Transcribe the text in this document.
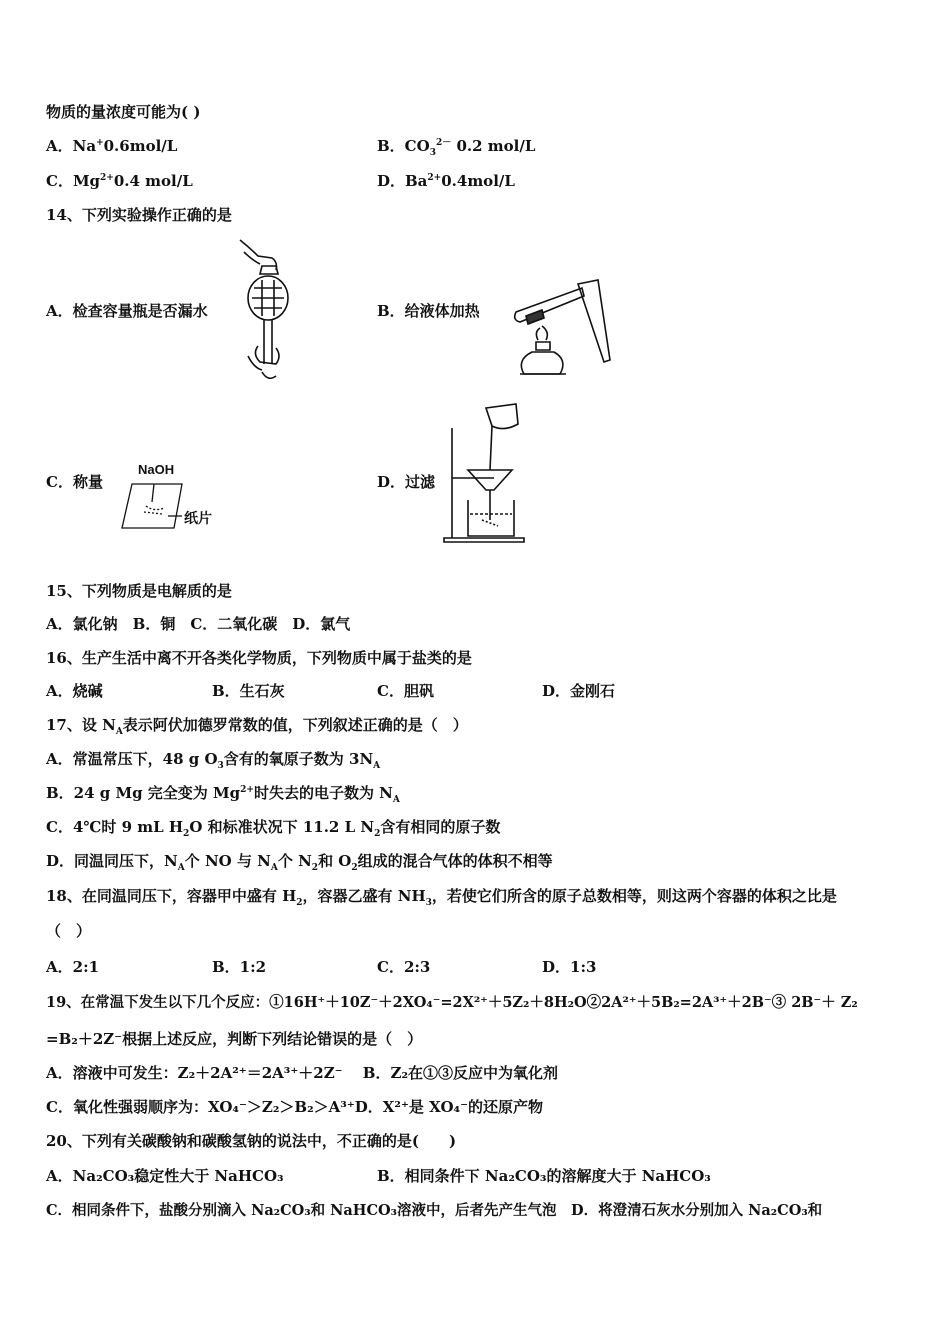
物质的量浓度可能为( )
A．Na+0.6mol/L	B．$CO_3^{2-}$ 0.2 mol/L
C．$Mg^{2+}0.4$ mol/L	D．$Ba^{2+}0.4mol/L$
14、下列实验操作正确的是
A．检查容量瓶是否漏水	B．给液体加热
C．称量	D．过滤
NaOH
纸片
15、下列物质是电解质的是
A．氯化钠　B．铜　C．二氧化碳　D．氯气
16、生产生活中离不开各类化学物质，下列物质中属于盐类的是
A．烧碱	B．生石灰	C．胆矾	D．金刚石
17、设 $N_A$表示阿伏加德罗常数的值，下列叙述正确的是（　）
A．常温常压下，48 g $O_3$含有的氧原子数为 $3N_A$
B．24 g Mg 完全变为 $Mg^{2+}$时失去的电子数为 $N_A$
C．4℃时 9 mL $H_2O$ 和标准状况下 11.2 L $N_2$含有相同的原子数
D．同温同压下，$N_A$个 NO 与 $N_A$个 $N_2$和 $O_2$组成的混合气体的体积不相等
18、在同温同压下，容器甲中盛有 $H_2$，容器乙盛有 $NH_3$，若使它们所含的原子总数相等，则这两个容器的体积之比是
（　）
A．2:1	B．1:2	C．2:3	D．1:3
19、在常温下发生以下几个反应：①16H⁺＋10Z⁻＋2XO₄⁻=2X²⁺＋5Z₂＋8H₂O②2A²⁺＋5B₂=2A³⁺＋2B⁻③ 2B⁻＋ Z₂
=B₂＋2Z⁻根据上述反应，判断下列结论错误的是（　）
A．溶液中可发生：Z₂＋2A²⁺＝2A³⁺＋2Z⁻　 B．Z₂在①③反应中为氧化剂
C．氧化性强弱顺序为：XO₄⁻＞Z₂＞B₂＞A³⁺D．X²⁺是 XO₄⁻的还原产物
20、下列有关碳酸钠和碳酸氢钠的说法中，不正确的是(　　)
A．Na₂CO₃稳定性大于 NaHCO₃	B．相同条件下 Na₂CO₃的溶解度大于 NaHCO₃
C．相同条件下，盐酸分别滴入 Na₂CO₃和 NaHCO₃溶液中，后者先产生气泡　D．将澄清石灰水分别加入 Na₂CO₃和
